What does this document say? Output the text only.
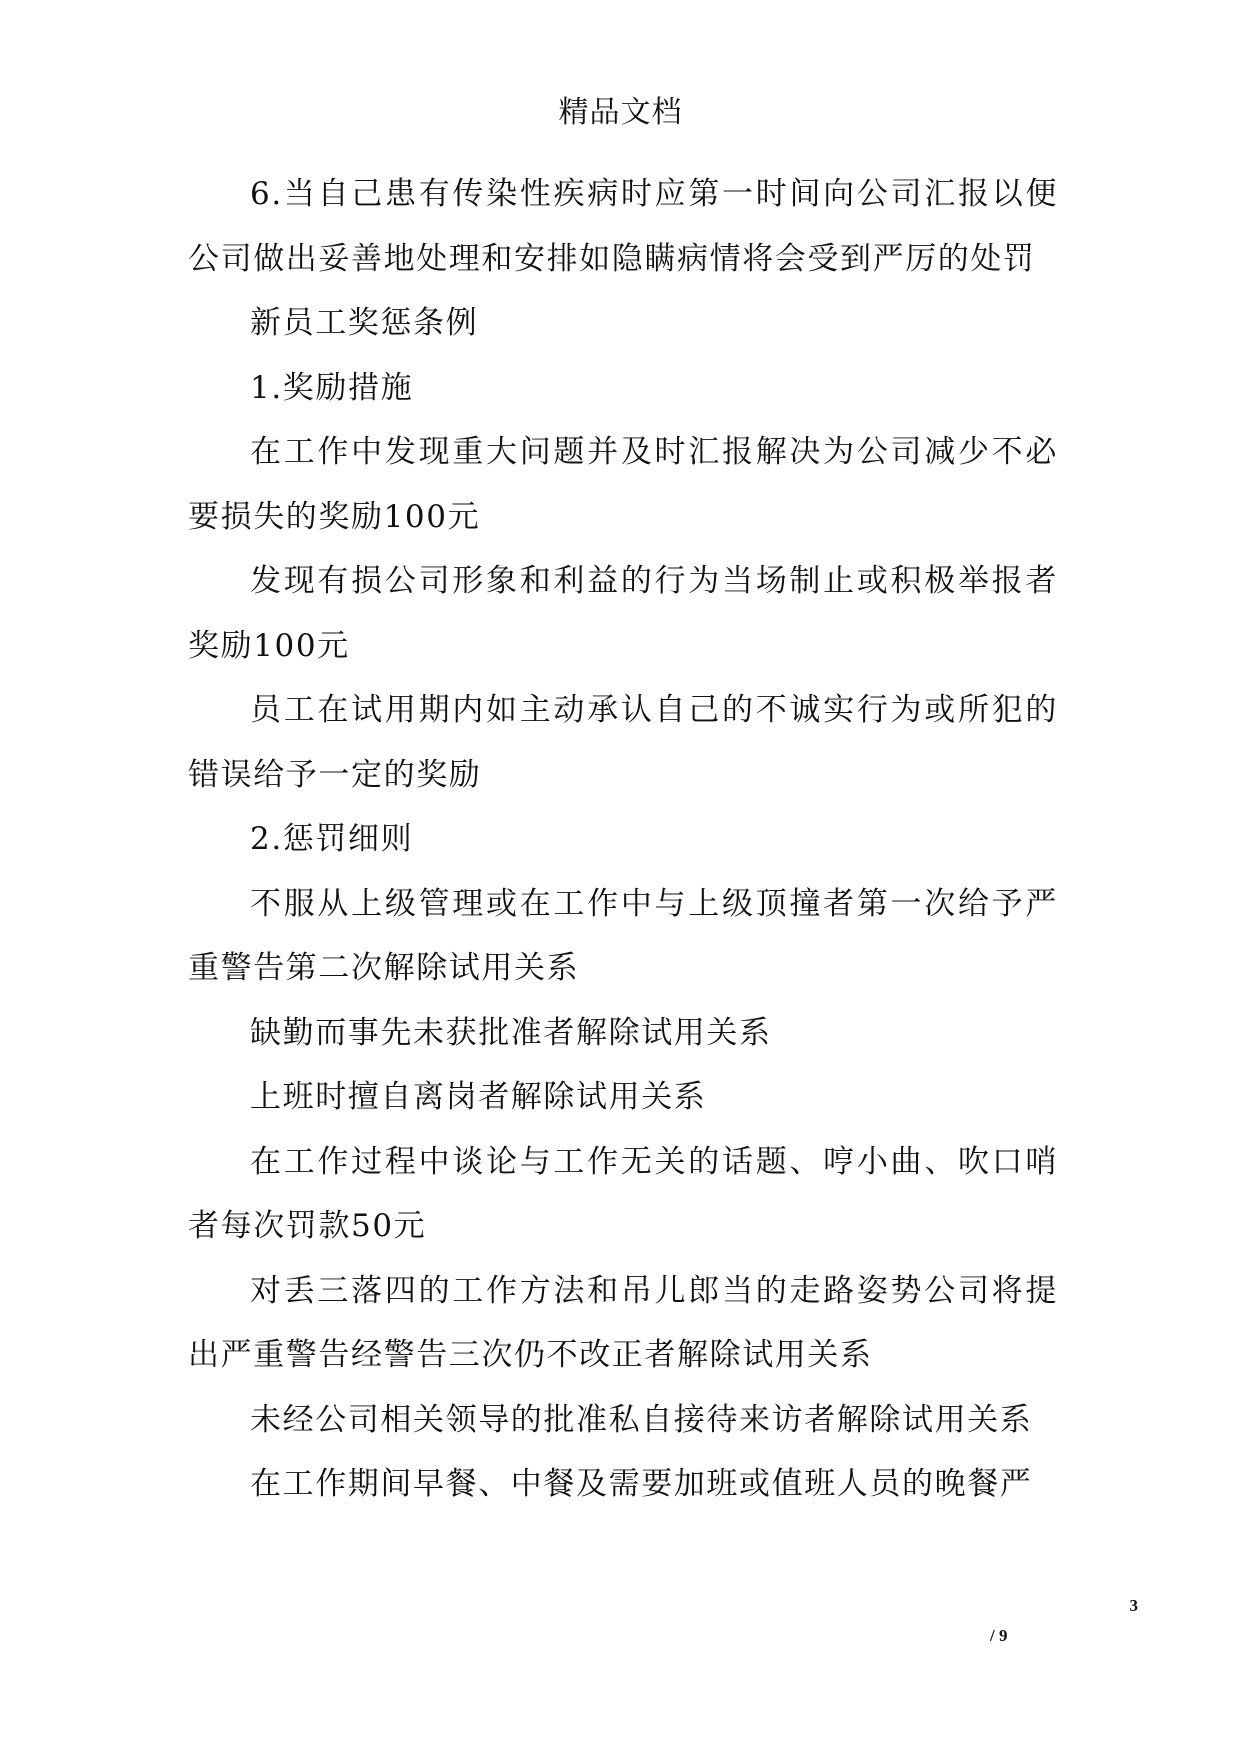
精品文档

6.当自己患有传染性疾病时应第一时间向公司汇报以便公司做出妥善地处理和安排如隐瞒病情将会受到严厉的处罚

新员工奖惩条例

1.奖励措施

在工作中发现重大问题并及时汇报解决为公司减少不必要损失的奖励100元

发现有损公司形象和利益的行为当场制止或积极举报者奖励100元

员工在试用期内如主动承认自己的不诚实行为或所犯的错误给予一定的奖励

2.惩罚细则

不服从上级管理或在工作中与上级顶撞者第一次给予严重警告第二次解除试用关系

缺勤而事先未获批准者解除试用关系

上班时擅自离岗者解除试用关系

在工作过程中谈论与工作无关的话题、哼小曲、吹口哨者每次罚款50元

对丢三落四的工作方法和吊儿郎当的走路姿势公司将提出严重警告经警告三次仍不改正者解除试用关系

未经公司相关领导的批准私自接待来访者解除试用关系

在工作期间早餐、中餐及需要加班或值班人员的晚餐严

3
/ 9
